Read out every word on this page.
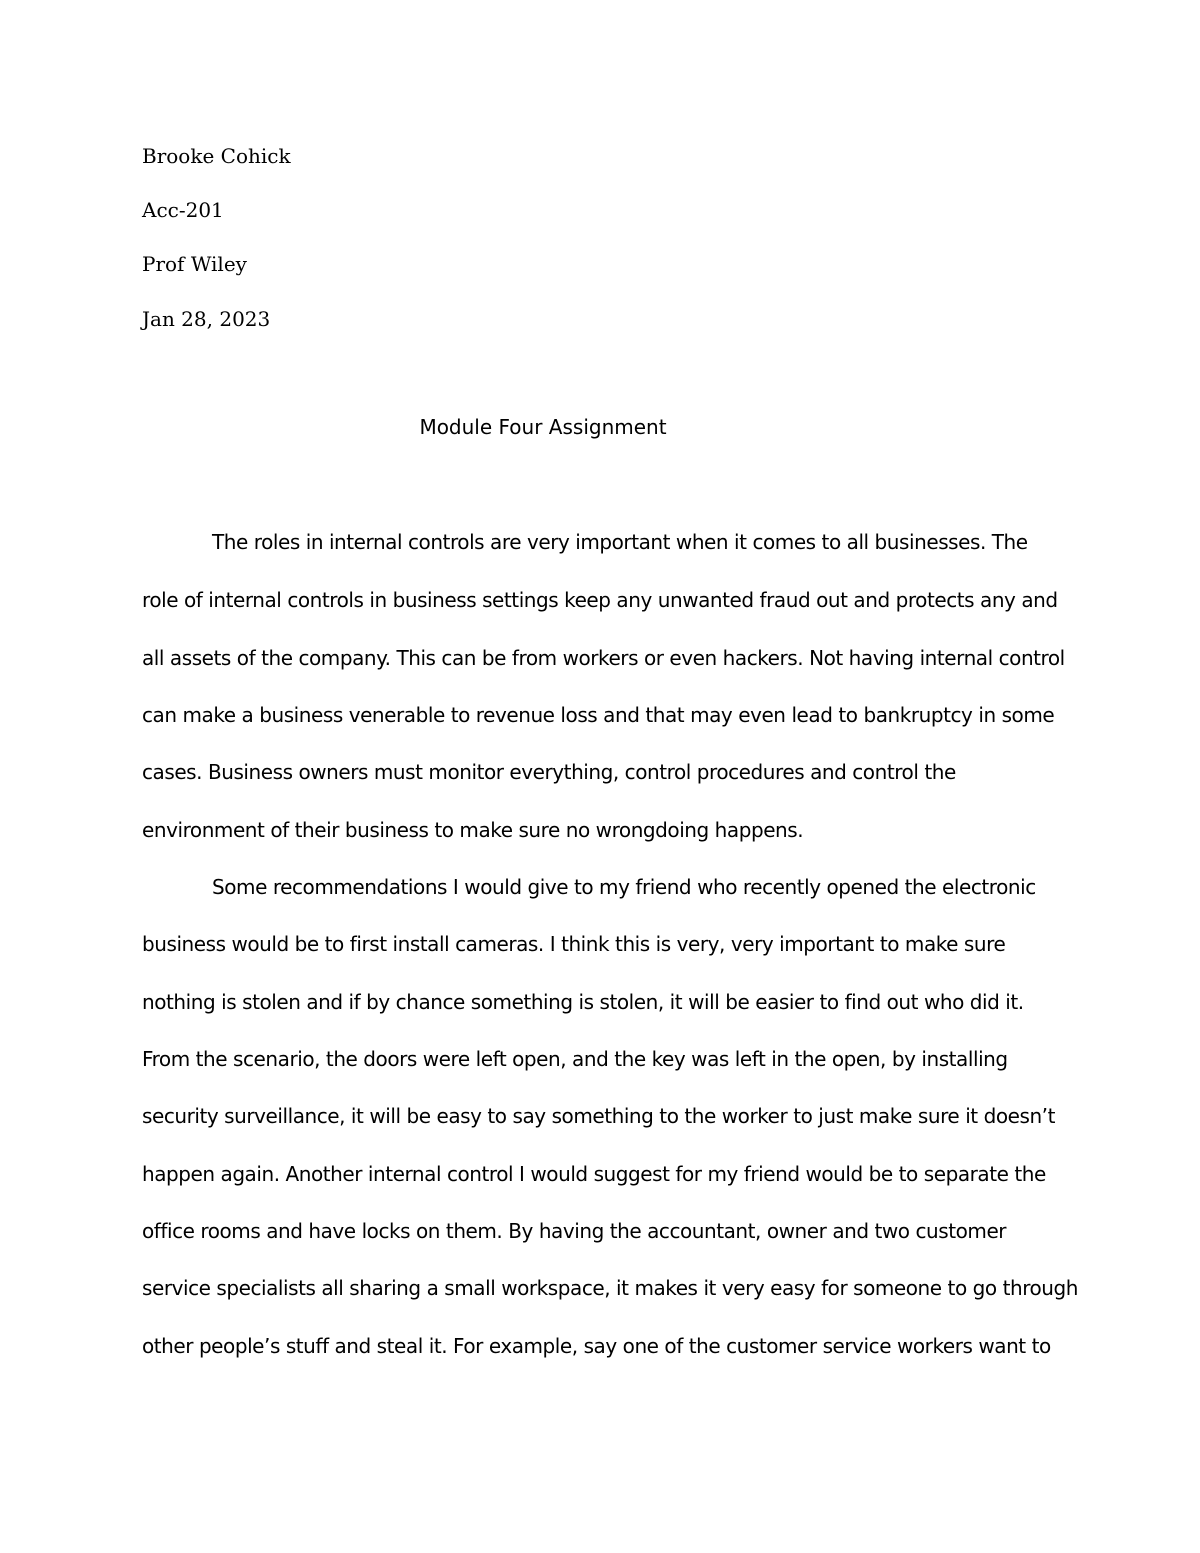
Brooke Cohick
Acc-201
Prof Wiley
Jan 28, 2023
Module Four Assignment
The roles in internal controls are very important when it comes to all businesses. The
role of internal controls in business settings keep any unwanted fraud out and protects any and
all assets of the company. This can be from workers or even hackers. Not having internal control
can make a business venerable to revenue loss and that may even lead to bankruptcy in some
cases. Business owners must monitor everything, control procedures and control the
environment of their business to make sure no wrongdoing happens.
Some recommendations I would give to my friend who recently opened the electronic
business would be to first install cameras. I think this is very, very important to make sure
nothing is stolen and if by chance something is stolen, it will be easier to find out who did it.
From the scenario, the doors were left open, and the key was left in the open, by installing
security surveillance, it will be easy to say something to the worker to just make sure it doesn’t
happen again. Another internal control I would suggest for my friend would be to separate the
office rooms and have locks on them. By having the accountant, owner and two customer
service specialists all sharing a small workspace, it makes it very easy for someone to go through
other people’s stuff and steal it. For example, say one of the customer service workers want to
